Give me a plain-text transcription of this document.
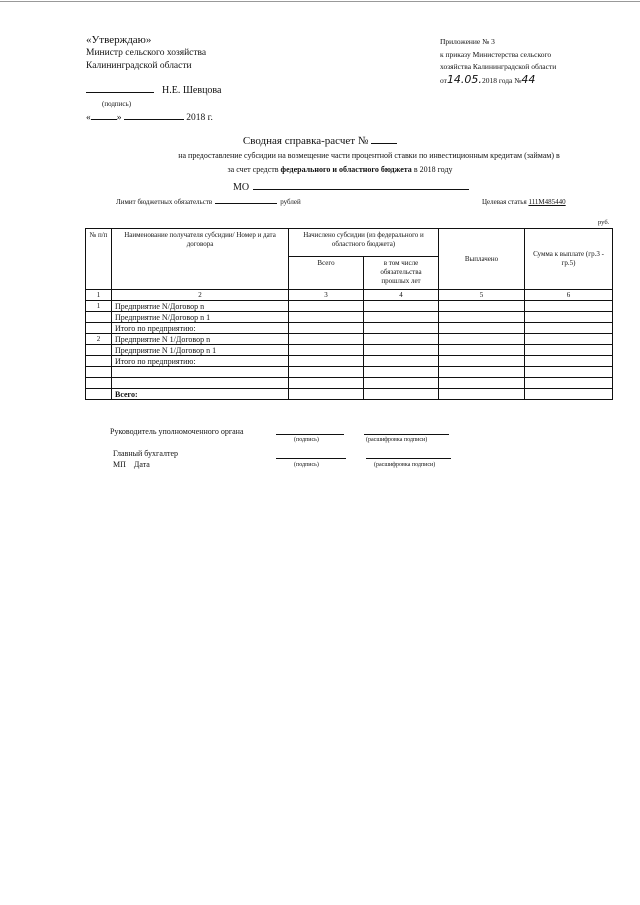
«Утверждаю»
Министр сельского хозяйства
Калининградской области
Н.Е. Шевцова
(подпись)
«	»	2018 г.
Приложение № 3
к приказу Министерства сельского
хозяйства Калининградской области
от14.05.2018 года №44
Сводная справка-расчет №
на предоставление субсидии на возмещение части процентной ставки по инвестиционным кредитам (займам) в
за счет средств федерального и областного бюджета в 2018 году
МО
Лимит бюджетных обязательств	рублей	Целевая статья 111M485440
руб.
№ п/п	Наименование получателя субсидии/ Номер и дата договора	Начислено субсидии (из федерального и областного бюджета)		Выплачено	Сумма к выплате (гр.3 - гр.5)
		Всего	в том числе обязательства прошлых лет		
1	2	3	4	5	6
1	Предприятие N/Договор n				
	Предприятие N/Договор n 1				
	Итого по предприятию:				
2	Предприятие N 1/Договор n				
	Предприятие N 1/Договор n 1				
	Итого по предприятию:				

	Всего:				
Руководитель уполномоченного органа
(подпись)	(расшифровка подписи)
Главный бухгалтер
МП Дата	(подпись)	(расшифровка подписи)
